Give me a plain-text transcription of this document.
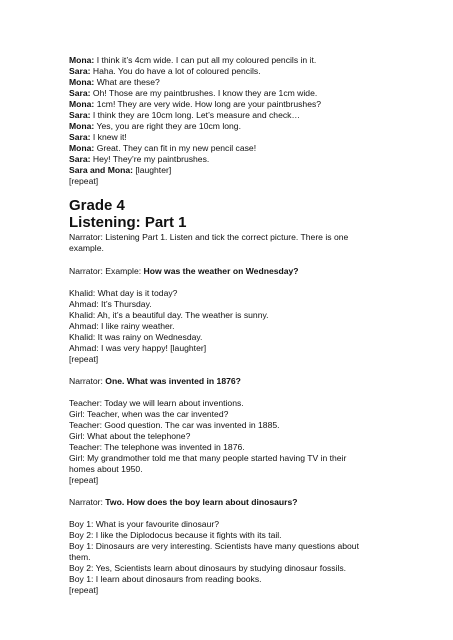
Mona: I think it’s 4cm wide. I can put all my coloured pencils in it.

Sara: Haha. You do have a lot of coloured pencils.

Mona: What are these?

Sara: Oh! Those are my paintbrushes. I know they are 1cm wide.

Mona: 1cm! They are very wide. How long are your paintbrushes?

Sara: I think they are 10cm long. Let’s measure and check…

Mona: Yes, you are right they are 10cm long.

Sara: I knew it!

Mona: Great. They can fit in my new pencil case!

Sara: Hey! They’re my paintbrushes.

Sara and Mona: [laughter]

[repeat]

Grade 4

Listening: Part 1

Narrator: Listening Part 1. Listen and tick the correct picture. There is one

example.

Narrator: Example: How was the weather on Wednesday?

Khalid: What day is it today?

Ahmad: It’s Thursday.

Khalid: Ah, it’s a beautiful day. The weather is sunny.

Ahmad: I like rainy weather.

Khalid: It was rainy on Wednesday.

Ahmad: I was very happy! [laughter]

[repeat]

Narrator: One. What was invented in 1876?

Teacher: Today we will learn about inventions.

Girl: Teacher, when was the car invented?

Teacher: Good question. The car was invented in 1885.

Girl: What about the telephone?

Teacher: The telephone was invented in 1876.

Girl: My grandmother told me that many people started having TV in their

homes about 1950.

[repeat]

Narrator: Two. How does the boy learn about dinosaurs?

Boy 1: What is your favourite dinosaur?

Boy 2: I like the Diplodocus because it fights with its tail.

Boy 1: Dinosaurs are very interesting. Scientists have many questions about

them.

Boy 2: Yes, Scientists learn about dinosaurs by studying dinosaur fossils.

Boy 1: I learn about dinosaurs from reading books.

[repeat]
